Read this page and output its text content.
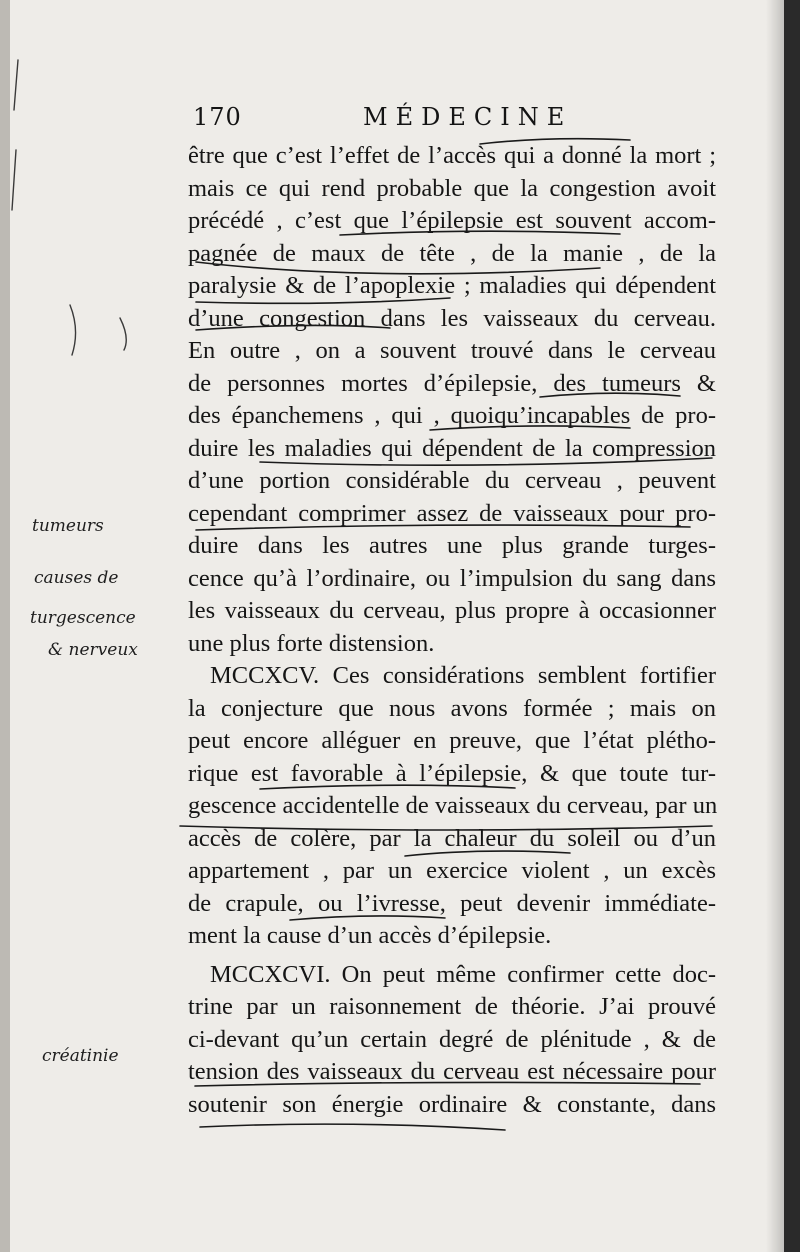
170	MÉDECINE
être que c’est l’effet de l’accès qui a donné la mort ;
mais ce qui rend probable que la congestion avoit
précédé , c’est que l’épilepsie est souvent accom-
pagnée de maux de tête , de la manie , de la
paralysie & de l’apoplexie ; maladies qui dépendent
d’une congestion dans les vaisseaux du cerveau.
En outre , on a souvent trouvé dans le cerveau
de personnes mortes d’épilepsie, des tumeurs &
des épanchemens , qui , quoiqu’incapables de pro-
duire les maladies qui dépendent de la compression
d’une portion considérable du cerveau , peuvent
cependant comprimer assez de vaisseaux pour pro-
duire dans les autres une plus grande turges-
cence qu’à l’ordinaire, ou l’impulsion du sang dans
les vaisseaux du cerveau, plus propre à occasionner
une plus forte distension.
MCCXCV. Ces considérations semblent fortifier
la conjecture que nous avons formée ; mais on
peut encore alléguer en preuve, que l’état plétho-
rique est favorable à l’épilepsie, & que toute tur-
gescence accidentelle de vaisseaux du cerveau, par un
accès de colère, par la chaleur du soleil ou d’un
appartement , par un exercice violent , un excès
de crapule, ou l’ivresse, peut devenir immédiate-
ment la cause d’un accès d’épilepsie.
MCCXCVI. On peut même confirmer cette doc-
trine par un raisonnement de théorie. J’ai prouvé
ci-devant qu’un certain degré de plénitude , & de
tension des vaisseaux du cerveau est nécessaire pour
soutenir son énergie ordinaire & constante, dans
tumeurs
causes de
turgescence
& nerveux
créatinie
